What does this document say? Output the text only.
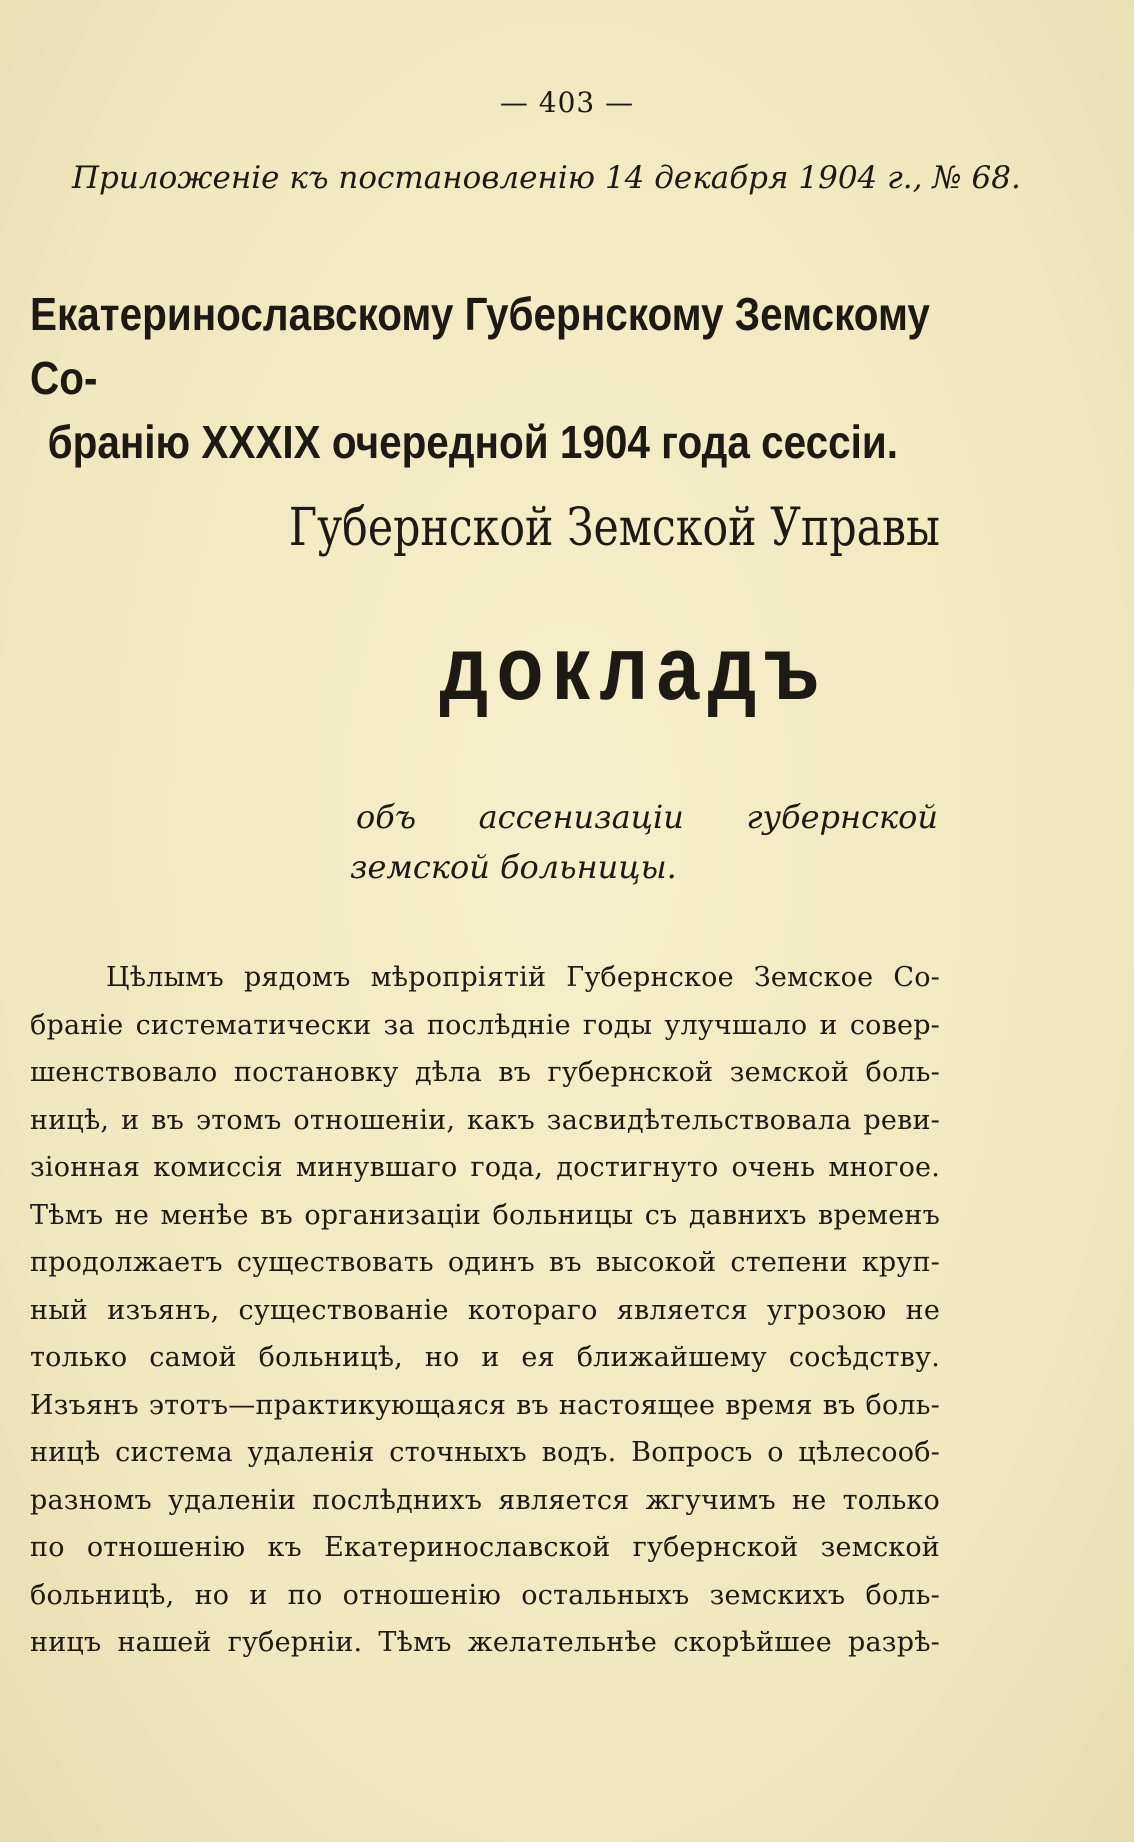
— 403 —
Приложеніе къ постановленію 14 декабря 1904 г., № 68.
Екатеринославскому Губернскому Земскому Со-
бранію XXXIX очередной 1904 года сессіи.
Губернской Земской Управы
докладъ
объ ассенизаціи губернской
земской больницы.
Цѣлымъ рядомъ мѣропріятій Губернское Земское Со-
браніе систематически за послѣдніе годы улучшало и совер-
шенствовало постановку дѣла въ губернской земской боль-
ницѣ, и въ этомъ отношеніи, какъ засвидѣтельствовала реви-
зіонная комиссія минувшаго года, достигнуто очень многое.
Тѣмъ не менѣе въ организаціи больницы съ давнихъ временъ
продолжаетъ существовать одинъ въ высокой степени круп-
ный изъянъ, существованіе котораго является угрозою не
только самой больницѣ, но и ея ближайшему сосѣдству.
Изъянъ этотъ—практикующаяся въ настоящее время въ боль-
ницѣ система удаленія сточныхъ водъ. Вопросъ о цѣлесооб-
разномъ удаленіи послѣднихъ является жгучимъ не только
по отношенію къ Екатеринославской губернской земской
больницѣ, но и по отношенію остальныхъ земскихъ боль-
ницъ нашей губерніи. Тѣмъ желательнѣе скорѣйшее разрѣ-
